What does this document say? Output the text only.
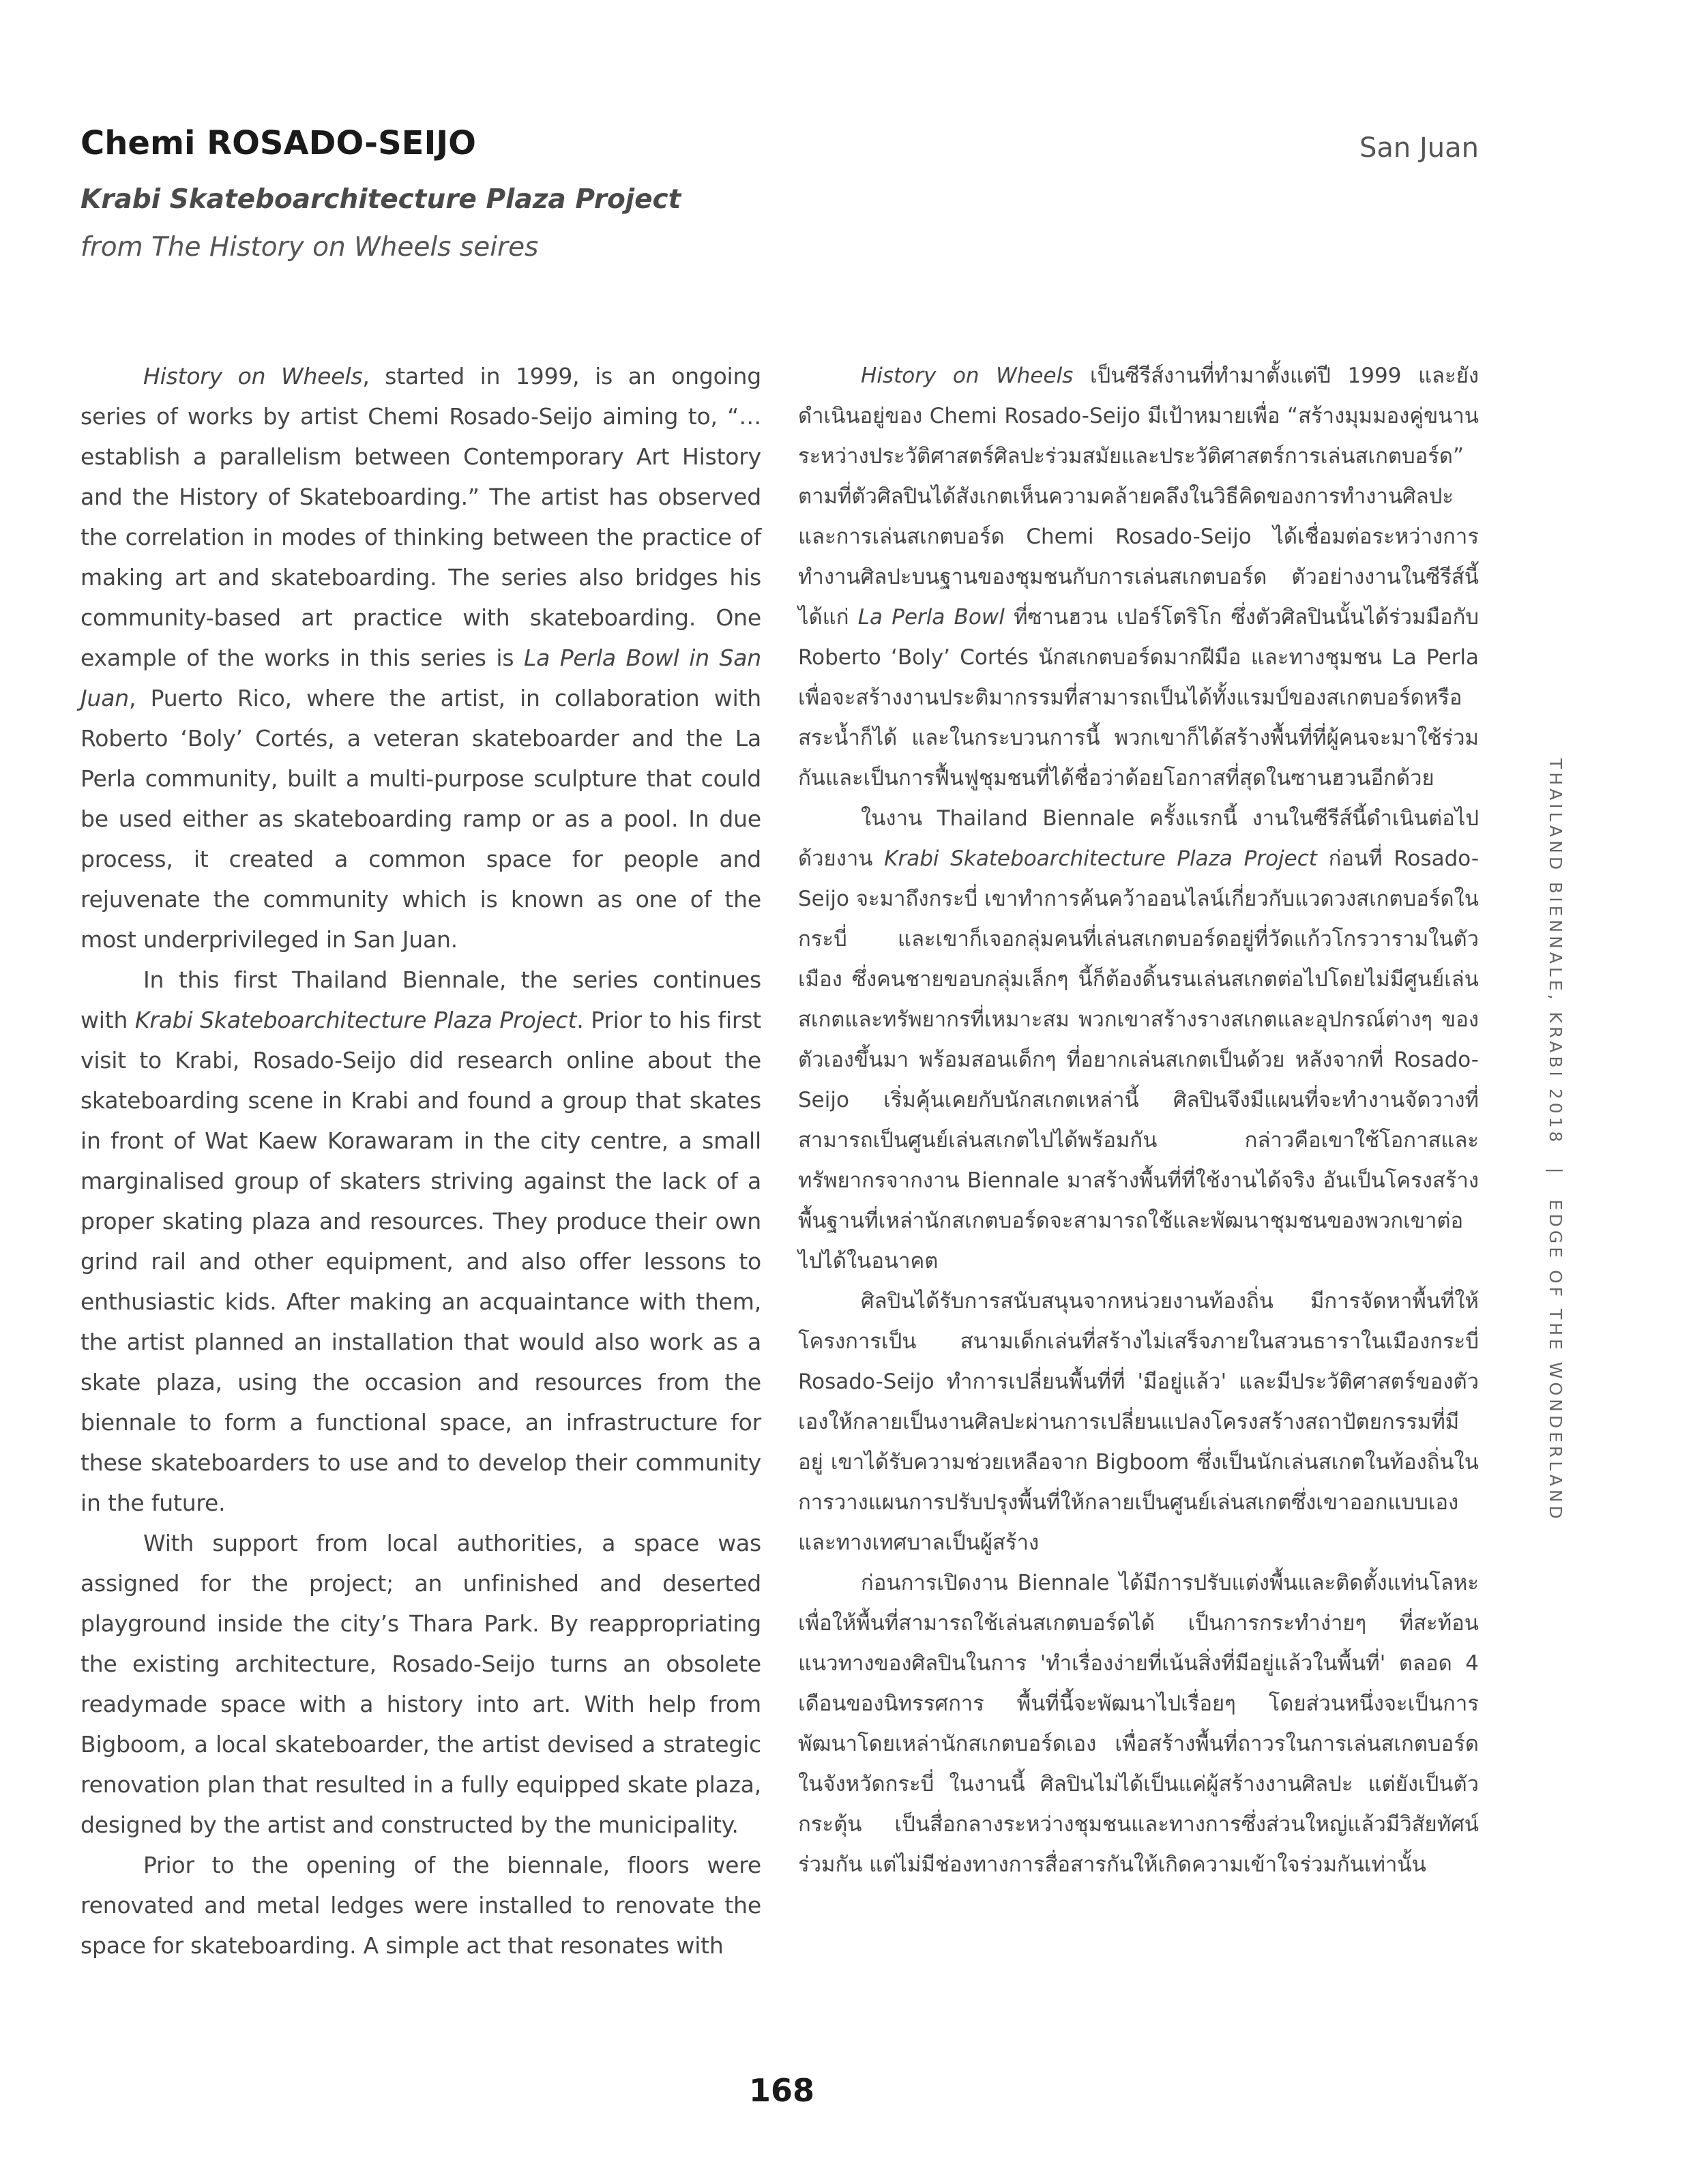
Chemi ROSADO-SEIJO	San Juan
Krabi Skateboarchitecture Plaza Project
from The History on Wheels seires

History on Wheels, started in 1999, is an ongoing series of works by artist Chemi Rosado-Seijo aiming to, “… establish a parallelism between Contemporary Art History and the History of Skateboarding.” The artist has observed the correlation in modes of thinking between the practice of making art and skateboarding. The series also bridges his community-based art practice with skateboarding. One example of the works in this series is La Perla Bowl in San Juan, Puerto Rico, where the artist, in collaboration with Roberto ‘Boly’ Cortés, a veteran skateboarder and the La Perla community, built a multi-purpose sculpture that could be used either as skateboarding ramp or as a pool. In due process, it created a common space for people and rejuvenate the community which is known as one of the most underprivileged in San Juan.

In this first Thailand Biennale, the series continues with Krabi Skateboarchitecture Plaza Project. Prior to his first visit to Krabi, Rosado-Seijo did research online about the skateboarding scene in Krabi and found a group that skates in front of Wat Kaew Korawaram in the city centre, a small marginalised group of skaters striving against the lack of a proper skating plaza and resources. They produce their own grind rail and other equipment, and also offer lessons to enthusiastic kids. After making an acquaintance with them, the artist planned an installation that would also work as a skate plaza, using the occasion and resources from the biennale to form a functional space, an infrastructure for these skateboarders to use and to develop their community in the future.

With support from local authorities, a space was assigned for the project; an unfinished and deserted playground inside the city’s Thara Park. By reappropriating the existing architecture, Rosado-Seijo turns an obsolete readymade space with a history into art. With help from Bigboom, a local skateboarder, the artist devised a strategic renovation plan that resulted in a fully equipped skate plaza, designed by the artist and constructed by the municipality.

Prior to the opening of the biennale, floors were renovated and metal ledges were installed to renovate the space for skateboarding. A simple act that resonates with

History on Wheels เป็นซีรีส์งานที่ทำมาตั้งแต่ปี 1999 และยังดำเนินอยู่ของ Chemi Rosado-Seijo มีเป้าหมายเพื่อ “สร้างมุมมองคู่ขนานระหว่างประวัติศาสตร์ศิลปะร่วมสมัยและประวัติศาสตร์การเล่นสเกตบอร์ด” ตามที่ตัวศิลปินได้สังเกตเห็นความคล้ายคลึงในวิธีคิดของการทำงานศิลปะและการเล่นสเกตบอร์ด Chemi Rosado-Seijo ได้เชื่อมต่อระหว่างการทำงานศิลปะบนฐานของชุมชนกับการเล่นสเกตบอร์ด ตัวอย่างงานในซีรีส์นี้ ได้แก่ La Perla Bowl ที่ซานฮวน เปอร์โตริโก ซึ่งตัวศิลปินนั้นได้ร่วมมือกับ Roberto ‘Boly’ Cortés นักสเกตบอร์ดมากฝีมือ และทางชุมชน La Perla เพื่อจะสร้างงานประติมากรรมที่สามารถเป็นได้ทั้งแรมป์ของสเกตบอร์ดหรือสระน้ำก็ได้ และในกระบวนการนี้ พวกเขาก็ได้สร้างพื้นที่ที่ผู้คนจะมาใช้ร่วมกันและเป็นการฟื้นฟูชุมชนที่ได้ชื่อว่าด้อยโอกาสที่สุดในซานฮวนอีกด้วย

ในงาน Thailand Biennale ครั้งแรกนี้ งานในซีรีส์นี้ดำเนินต่อไปด้วยงาน Krabi Skateboarchitecture Plaza Project ก่อนที่ Rosado-Seijo จะมาถึงกระบี่ เขาทำการค้นคว้าออนไลน์เกี่ยวกับแวดวงสเกตบอร์ดในกระบี่ และเขาก็เจอกลุ่มคนที่เล่นสเกตบอร์ดอยู่ที่วัดแก้วโกรวารามในตัวเมือง ซึ่งคนชายขอบกลุ่มเล็กๆ นี้ก็ต้องดิ้นรนเล่นสเกตต่อไปโดยไม่มีศูนย์เล่นสเกตและทรัพยากรที่เหมาะสม พวกเขาสร้างรางสเกตและอุปกรณ์ต่างๆ ของตัวเองขึ้นมา พร้อมสอนเด็กๆ ที่อยากเล่นสเกตเป็นด้วย หลังจากที่ Rosado-Seijo เริ่มคุ้นเคยกับนักสเกตเหล่านี้ ศิลปินจึงมีแผนที่จะทำงานจัดวางที่สามารถเป็นศูนย์เล่นสเกตไปได้พร้อมกัน กล่าวคือเขาใช้โอกาสและทรัพยากรจากงาน Biennale มาสร้างพื้นที่ที่ใช้งานได้จริง อันเป็นโครงสร้างพื้นฐานที่เหล่านักสเกตบอร์ดจะสามารถใช้และพัฒนาชุมชนของพวกเขาต่อไปได้ในอนาคต

ศิลปินได้รับการสนับสนุนจากหน่วยงานท้องถิ่น มีการจัดหาพื้นที่ให้โครงการเป็น สนามเด็กเล่นที่สร้างไม่เสร็จภายในสวนธาราในเมืองกระบี่ Rosado-Seijo ทำการเปลี่ยนพื้นที่ที่ 'มีอยู่แล้ว' และมีประวัติศาสตร์ของตัวเองให้กลายเป็นงานศิลปะผ่านการเปลี่ยนแปลงโครงสร้างสถาปัตยกรรมที่มีอยู่ เขาได้รับความช่วยเหลือจาก Bigboom ซึ่งเป็นนักเล่นสเกตในท้องถิ่นในการวางแผนการปรับปรุงพื้นที่ให้กลายเป็นศูนย์เล่นสเกตซึ่งเขาออกแบบเองและทางเทศบาลเป็นผู้สร้าง

ก่อนการเปิดงาน Biennale ได้มีการปรับแต่งพื้นและติดตั้งแท่นโลหะเพื่อให้พื้นที่สามารถใช้เล่นสเกตบอร์ดได้ เป็นการกระทำง่ายๆ ที่สะท้อนแนวทางของศิลปินในการ 'ทำเรื่องง่ายที่เน้นสิ่งที่มีอยู่แล้วในพื้นที่' ตลอด 4 เดือนของนิทรรศการ พื้นที่นี้จะพัฒนาไปเรื่อยๆ โดยส่วนหนึ่งจะเป็นการพัฒนาโดยเหล่านักสเกตบอร์ดเอง เพื่อสร้างพื้นที่ถาวรในการเล่นสเกตบอร์ดในจังหวัดกระบี่ ในงานนี้ ศิลปินไม่ได้เป็นแค่ผู้สร้างงานศิลปะ แต่ยังเป็นตัวกระตุ้น เป็นสื่อกลางระหว่างชุมชนและทางการซึ่งส่วนใหญ่แล้วมีวิสัยทัศน์ร่วมกัน แต่ไม่มีช่องทางการสื่อสารกันให้เกิดความเข้าใจร่วมกันเท่านั้น

THAILAND BIENNALE, KRABI 2018 | EDGE OF THE WONDERLAND
168
